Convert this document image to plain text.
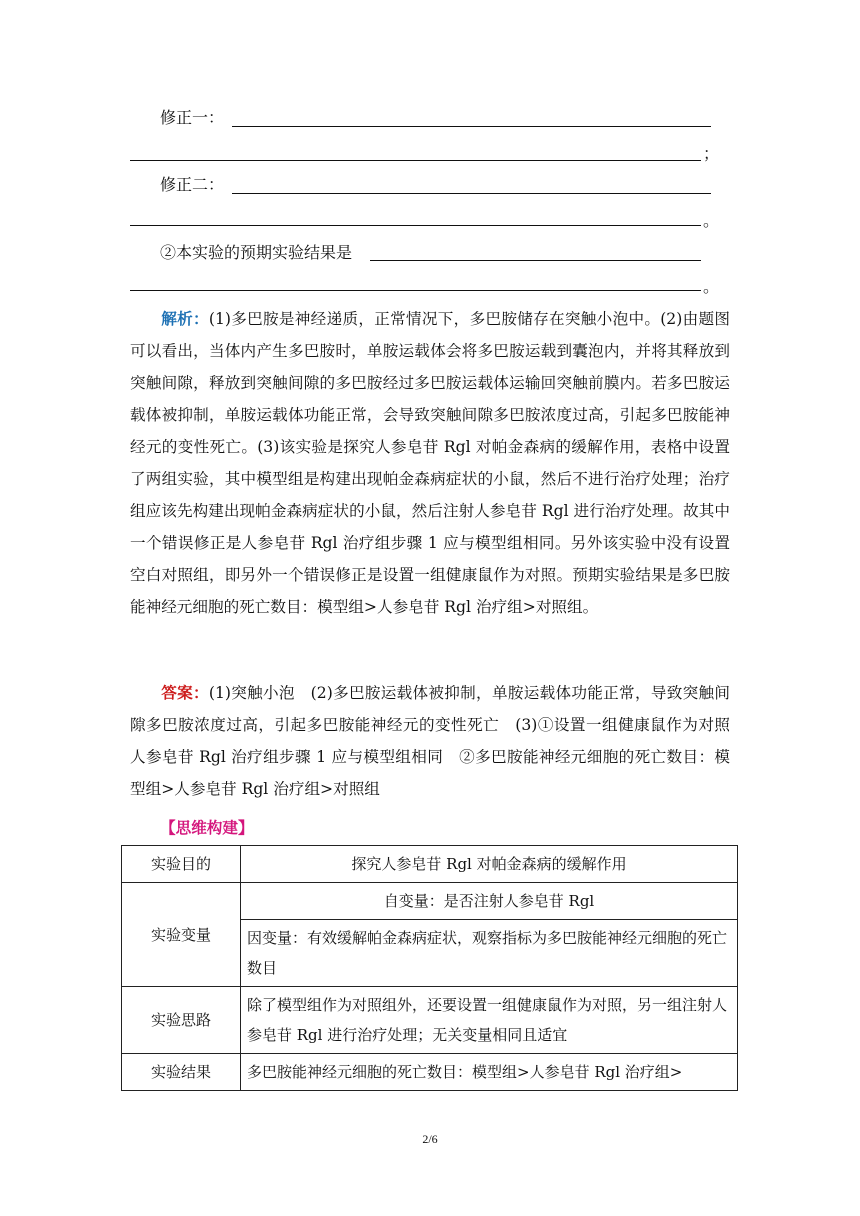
修正一：
；
修正二：
。
②本实验的预期实验结果是
。
解析：(1)多巴胺是神经递质，正常情况下，多巴胺储存在突触小泡中。(2)由题图可以看出，当体内产生多巴胺时，单胺运载体会将多巴胺运载到囊泡内，并将其释放到突触间隙，释放到突触间隙的多巴胺经过多巴胺运载体运输回突触前膜内。若多巴胺运载体被抑制，单胺运载体功能正常，会导致突触间隙多巴胺浓度过高，引起多巴胺能神经元的变性死亡。(3)该实验是探究人参皂苷 Rgl 对帕金森病的缓解作用，表格中设置了两组实验，其中模型组是构建出现帕金森病症状的小鼠，然后不进行治疗处理；治疗组应该先构建出现帕金森病症状的小鼠，然后注射人参皂苷 Rgl 进行治疗处理。故其中一个错误修正是人参皂苷 Rgl 治疗组步骤 1 应与模型组相同。另外该实验中没有设置空白对照组，即另外一个错误修正是设置一组健康鼠作为对照。预期实验结果是多巴胺能神经元细胞的死亡数目：模型组>人参皂苷 Rgl 治疗组>对照组。
答案：(1)突触小泡　(2)多巴胺运载体被抑制，单胺运载体功能正常，导致突触间隙多巴胺浓度过高，引起多巴胺能神经元的变性死亡　(3)①设置一组健康鼠作为对照　人参皂苷 Rgl 治疗组步骤 1 应与模型组相同　②多巴胺能神经元细胞的死亡数目：模型组>人参皂苷 Rgl 治疗组>对照组
【思维构建】
实验目的	探究人参皂苷 Rgl 对帕金森病的缓解作用
实验变量	自变量：是否注射人参皂苷 Rgl
	因变量：有效缓解帕金森病症状，观察指标为多巴胺能神经元细胞的死亡数目
实验思路	除了模型组作为对照组外，还要设置一组健康鼠作为对照，另一组注射人参皂苷 Rgl 进行治疗处理；无关变量相同且适宜
实验结果	多巴胺能神经元细胞的死亡数目：模型组>人参皂苷 Rgl 治疗组>
2/6
